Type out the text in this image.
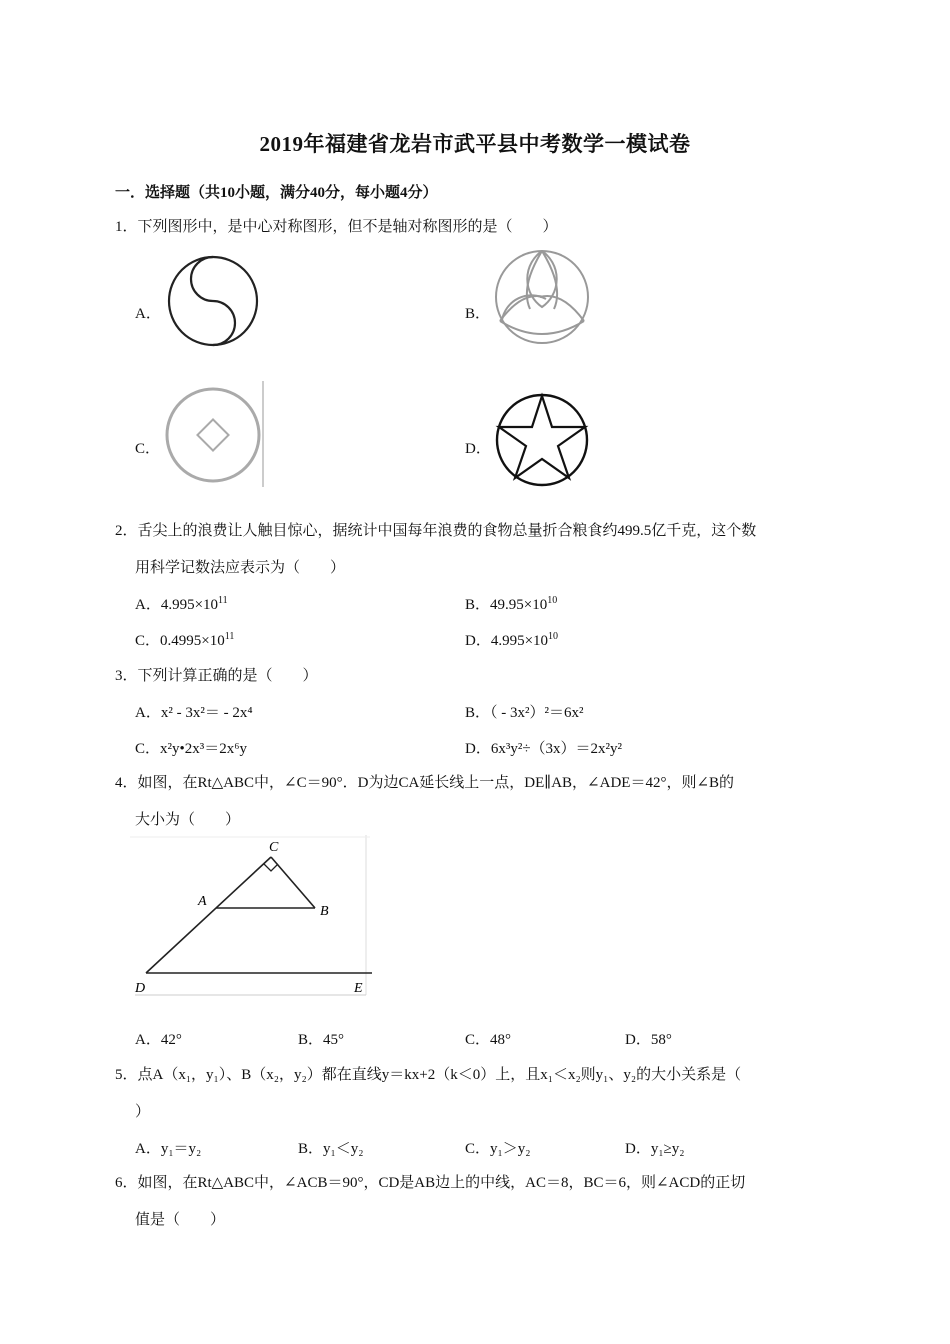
2019年福建省龙岩市武平县中考数学一模试卷
一．选择题（共10小题，满分40分，每小题4分）
1．下列图形中，是中心对称图形，但不是轴对称图形的是（　　）
A．	B．
C．	D．
2．舌尖上的浪费让人触目惊心，据统计中国每年浪费的食物总量折合粮食约499.5亿千克，这个数
用科学记数法应表示为（　　）
A．$4.995\times 10^{11}$	B．$49.95\times 10^{10}$
C．$0.4995\times 10^{11}$	D．$4.995\times 10^{10}$
3．下列计算正确的是（　　）
A．x² - 3x²＝ - 2x⁴	B．（ - 3x²）²＝6x²
C．x²y•2x³＝2x⁶y	D．6x³y²÷（3x）＝2x²y²
4．如图，在Rt△ABC中，∠C＝90°．D为边CA延长线上一点，DE∥AB，∠ADE＝42°，则∠B的
大小为（　　）
C
A
B
D	E
A．42°	B．45°	C．48°	D．58°
5．点A（x₁，y₁）、B（x₂，y₂）都在直线y＝kx+2（k＜0）上，且x₁＜x₂则y₁、y₂的大小关系是（
）
A．y₁＝y₂	B．y₁＜y₂	C．y₁＞y₂	D．y₁≥y₂
6．如图，在Rt△ABC中，∠ACB＝90°，CD是AB边上的中线，AC＝8，BC＝6，则∠ACD的正切
值是（　　）
